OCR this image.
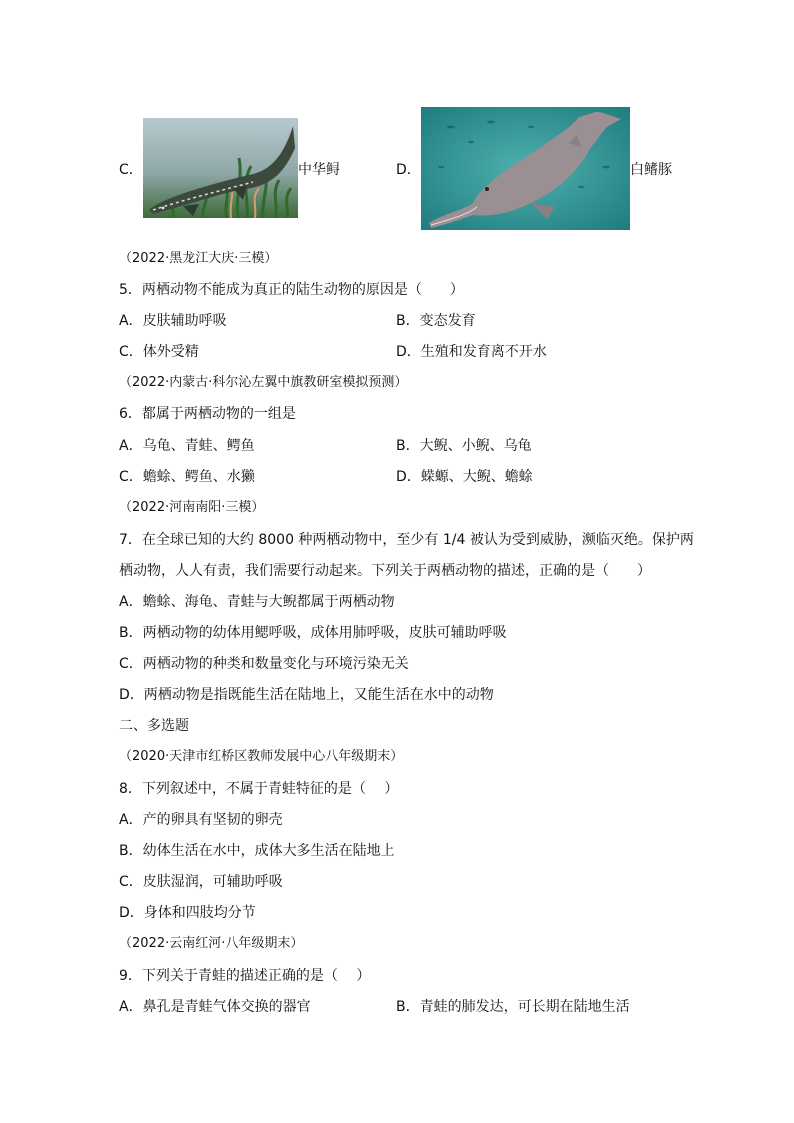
C．	中华鲟	D．	白鳍豚
（2022·黑龙江大庆·三模）
5．两栖动物不能成为真正的陆生动物的原因是（　　）
A．皮肤辅助呼吸	B．变态发育
C．体外受精	D．生殖和发育离不开水
（2022·内蒙古·科尔沁左翼中旗教研室模拟预测）
6．都属于两栖动物的一组是
A．乌龟、青蛙、鳄鱼	B．大鲵、小鲵、乌龟
C．蟾蜍、鳄鱼、水獭	D．蝾螈、大鲵、蟾蜍
（2022·河南南阳·三模）
7．在全球已知的大约 8000 种两栖动物中，至少有 1/4 被认为受到威胁，濒临灭绝。保护两
栖动物，人人有责，我们需要行动起来。下列关于两栖动物的描述，正确的是（　　）
A．蟾蜍、海龟、青蛙与大鲵都属于两栖动物
B．两栖动物的幼体用鳃呼吸，成体用肺呼吸，皮肤可辅助呼吸
C．两栖动物的种类和数量变化与环境污染无关
D．两栖动物是指既能生活在陆地上，又能生活在水中的动物
二、多选题
（2020·天津市红桥区教师发展中心八年级期末）
8．下列叙述中，不属于青蛙特征的是（　 ）
A．产的卵具有坚韧的卵壳
B．幼体生活在水中，成体大多生活在陆地上
C．皮肤湿润，可辅助呼吸
D．身体和四肢均分节
（2022·云南红河·八年级期末）
9．下列关于青蛙的描述正确的是（　 ）
A．鼻孔是青蛙气体交换的器官	B．青蛙的肺发达，可长期在陆地生活
